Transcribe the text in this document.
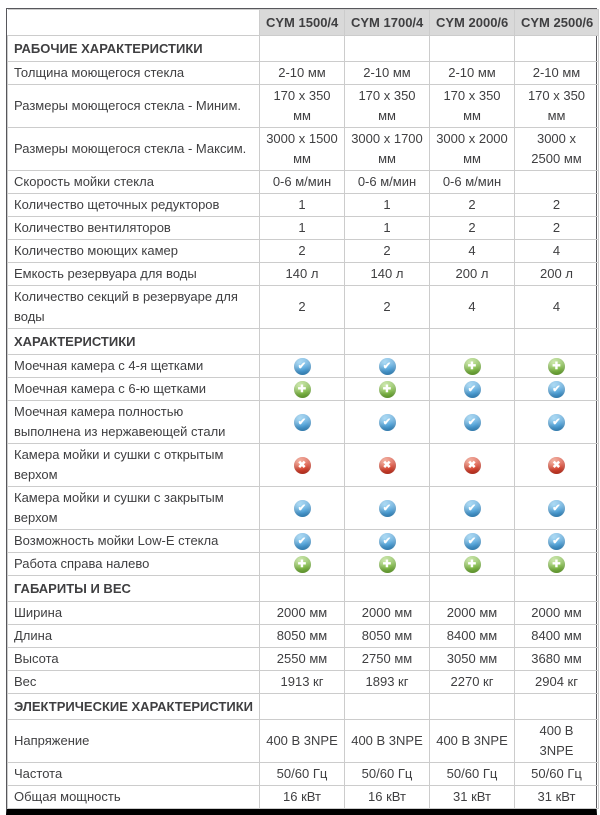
	CYM 1500/4	CYM 1700/4	CYM 2000/6	CYM 2500/6
РАБОЧИЕ ХАРАКТЕРИСТИКИ				
Толщина моющегося стекла	2-10 мм	2-10 мм	2-10 мм	2-10 мм
Размеры моющегося стекла - Миним.	170 х 350 мм	170 х 350 мм	170 х 350 мм	170 х 350 мм
Размеры моющегося стекла - Максим.	3000 х 1500 мм	3000 х 1700 мм	3000 х 2000 мм	3000 х 2500 мм
Скорость мойки стекла	0-6 м/мин	0-6 м/мин	0-6 м/мин	
Количество щеточных редукторов	1	1	2	2
Количество вентиляторов	1	1	2	2
Количество моющих камер	2	2	4	4
Емкость резервуара для воды	140 л	140 л	200 л	200 л
Количество секций в резервуаре для воды	2	2	4	4
ХАРАКТЕРИСТИКИ				
Моечная камера с 4-я щетками	✔	✔	✚	✚
Моечная камера с 6-ю щетками	✚	✚	✔	✔
Моечная камера полностью выполнена из нержавеющей стали	✔	✔	✔	✔
Камера мойки и сушки с открытым верхом	✖	✖	✖	✖
Камера мойки и сушки с закрытым верхом	✔	✔	✔	✔
Возможность мойки Low-E стекла	✔	✔	✔	✔
Работа справа налево	✚	✚	✚	✚
ГАБАРИТЫ И ВЕС				
Ширина	2000 мм	2000 мм	2000 мм	2000 мм
Длина	8050 мм	8050 мм	8400 мм	8400 мм
Высота	2550 мм	2750 мм	3050 мм	3680 мм
Вес	1913 кг	1893 кг	2270 кг	2904 кг
ЭЛЕКТРИЧЕСКИЕ ХАРАКТЕРИСТИКИ				
Напряжение	400 В 3NPE	400 В 3NPE	400 В 3NPE	400 В 3NPE
Частота	50/60 Гц	50/60 Гц	50/60 Гц	50/60 Гц
Общая мощность	16 кВт	16 кВт	31 кВт	31 кВт
